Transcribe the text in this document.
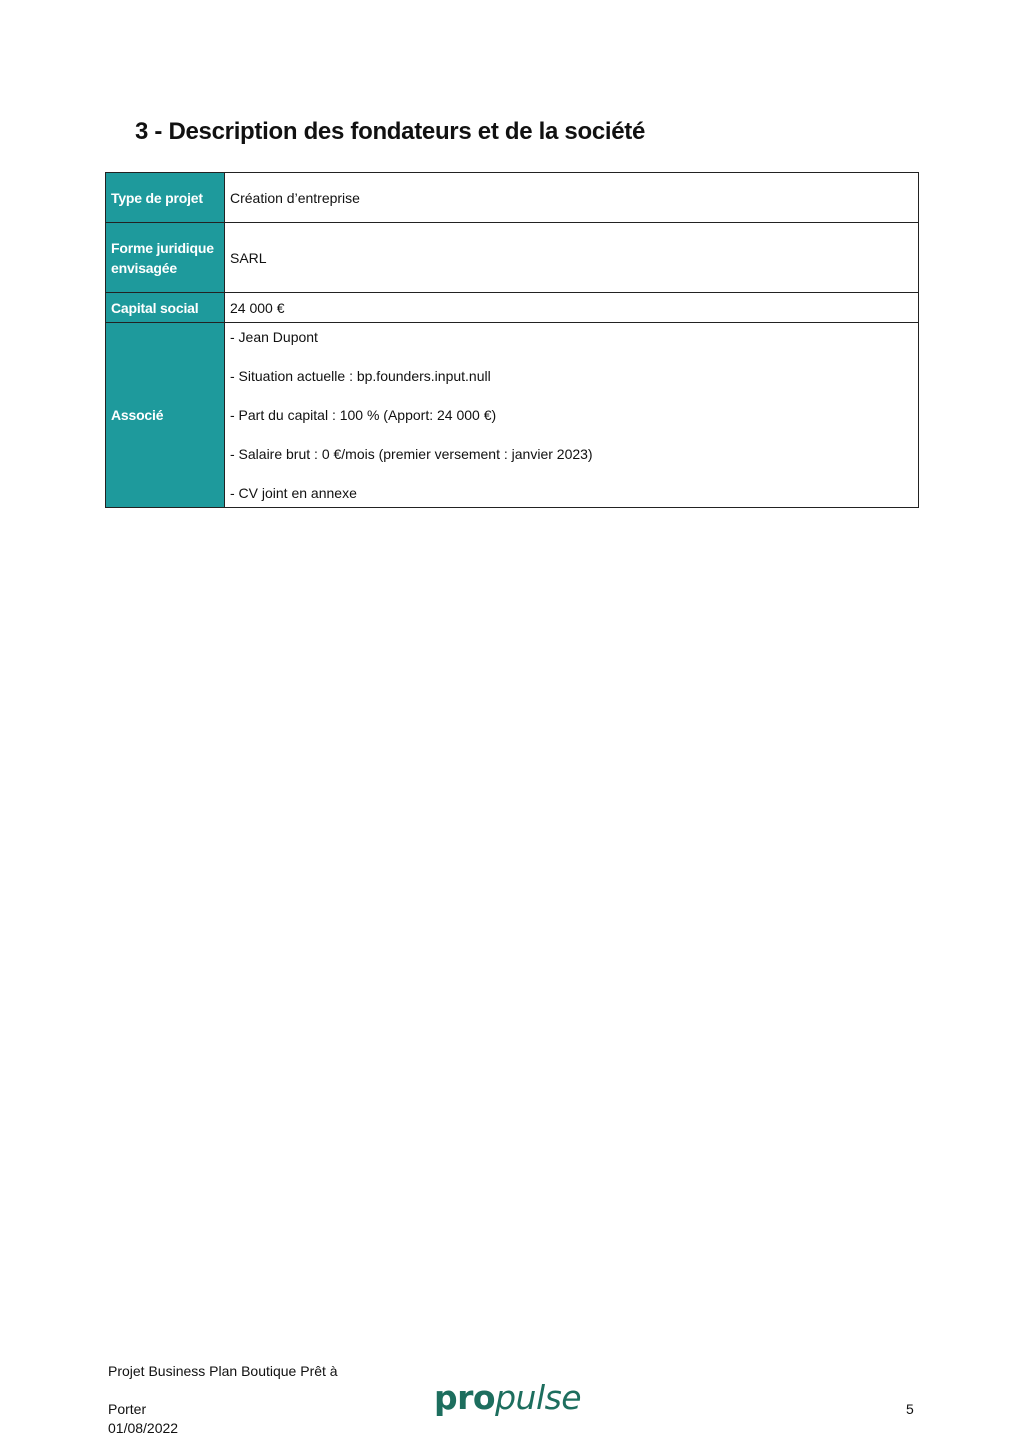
3 - Description des fondateurs et de la société
Type de projet	Création d’entreprise
Forme juridique envisagée	SARL
Capital social	24 000 €
Associé	- Jean Dupont
- Situation actuelle : bp.founders.input.null
- Part du capital : 100 % (Apport: 24 000 €)
- Salaire brut : 0 €/mois (premier versement : janvier 2023)
- CV joint en annexe
Projet Business Plan Boutique Prêt à
Porter
01/08/2022
propulse	5
